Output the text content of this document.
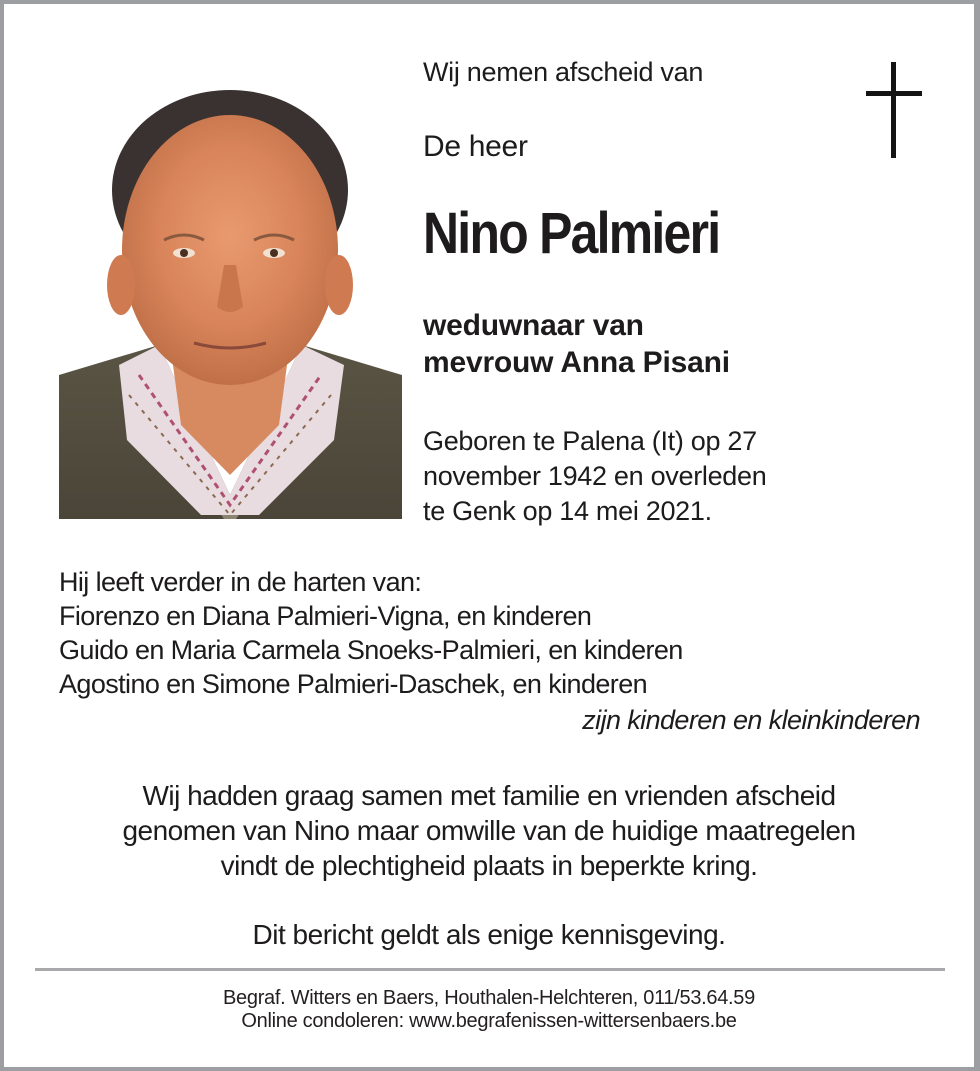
Wij nemen afscheid van
De heer
Nino Palmieri
weduwnaar van
mevrouw Anna Pisani
Geboren te Palena (It) op 27
november 1942 en overleden
te Genk op 14 mei 2021.
Hij leeft verder in de harten van:
Fiorenzo en Diana Palmieri-Vigna, en kinderen
Guido en Maria Carmela Snoeks-Palmieri, en kinderen
Agostino en Simone Palmieri-Daschek, en kinderen
zijn kinderen en kleinkinderen
Wij hadden graag samen met familie en vrienden afscheid
genomen van Nino maar omwille van de huidige maatregelen
vindt de plechtigheid plaats in beperkte kring.
Dit bericht geldt als enige kennisgeving.
Begraf. Witters en Baers, Houthalen-Helchteren, 011/53.64.59
Online condoleren: www.begrafenissen-wittersenbaers.be
